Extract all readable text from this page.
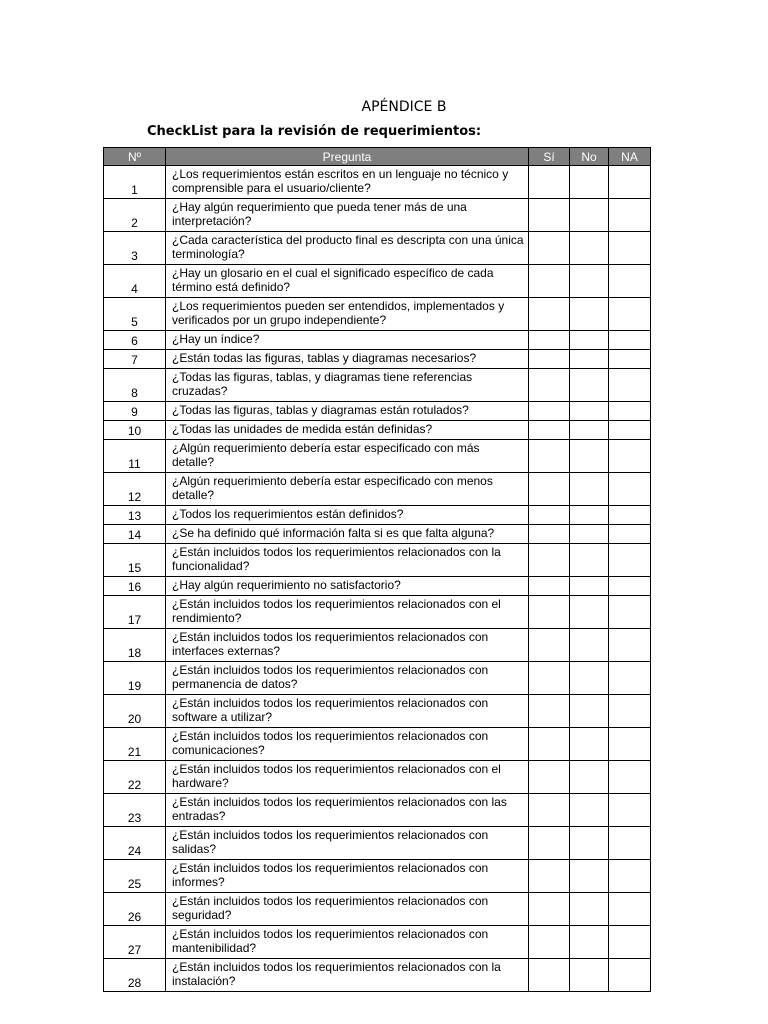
APÉNDICE B
CheckList para la revisión de requerimientos:
Nº	Pregunta	Sí	No	NA
1	¿Los requerimientos están escritos en un lenguaje no técnico y comprensible para el usuario/cliente?			
2	¿Hay algún requerimiento que pueda tener más de una interpretación?			
3	¿Cada característica del producto final es descripta con una única terminología?			
4	¿Hay un glosario en el cual el significado específico de cada término está definido?			
5	¿Los requerimientos pueden ser entendidos, implementados y verificados por un grupo independiente?			
6	¿Hay un índice?			
7	¿Están todas las figuras, tablas y diagramas necesarios?			
8	¿Todas las figuras, tablas, y diagramas tiene referencias cruzadas?			
9	¿Todas las figuras, tablas y diagramas están rotulados?			
10	¿Todas las unidades de medida están definidas?			
11	¿Algún requerimiento debería estar especificado con más detalle?			
12	¿Algún requerimiento debería estar especificado con menos detalle?			
13	¿Todos los requerimientos están definidos?			
14	¿Se ha definido qué información falta si es que falta alguna?			
15	¿Están incluidos todos los requerimientos relacionados con la funcionalidad?			
16	¿Hay algún requerimiento no satisfactorio?			
17	¿Están incluidos todos los requerimientos relacionados con el rendimiento?			
18	¿Están incluidos todos los requerimientos relacionados con interfaces externas?			
19	¿Están incluidos todos los requerimientos relacionados con permanencia de datos?			
20	¿Están incluidos todos los requerimientos relacionados con software a utilizar?			
21	¿Están incluidos todos los requerimientos relacionados con comunicaciones?			
22	¿Están incluidos todos los requerimientos relacionados con el hardware?			
23	¿Están incluidos todos los requerimientos relacionados con las entradas?			
24	¿Están incluidos todos los requerimientos relacionados con salidas?			
25	¿Están incluidos todos los requerimientos relacionados con informes?			
26	¿Están incluidos todos los requerimientos relacionados con seguridad?			
27	¿Están incluidos todos los requerimientos relacionados con mantenibilidad?			
28	¿Están incluidos todos los requerimientos relacionados con la instalación?			
